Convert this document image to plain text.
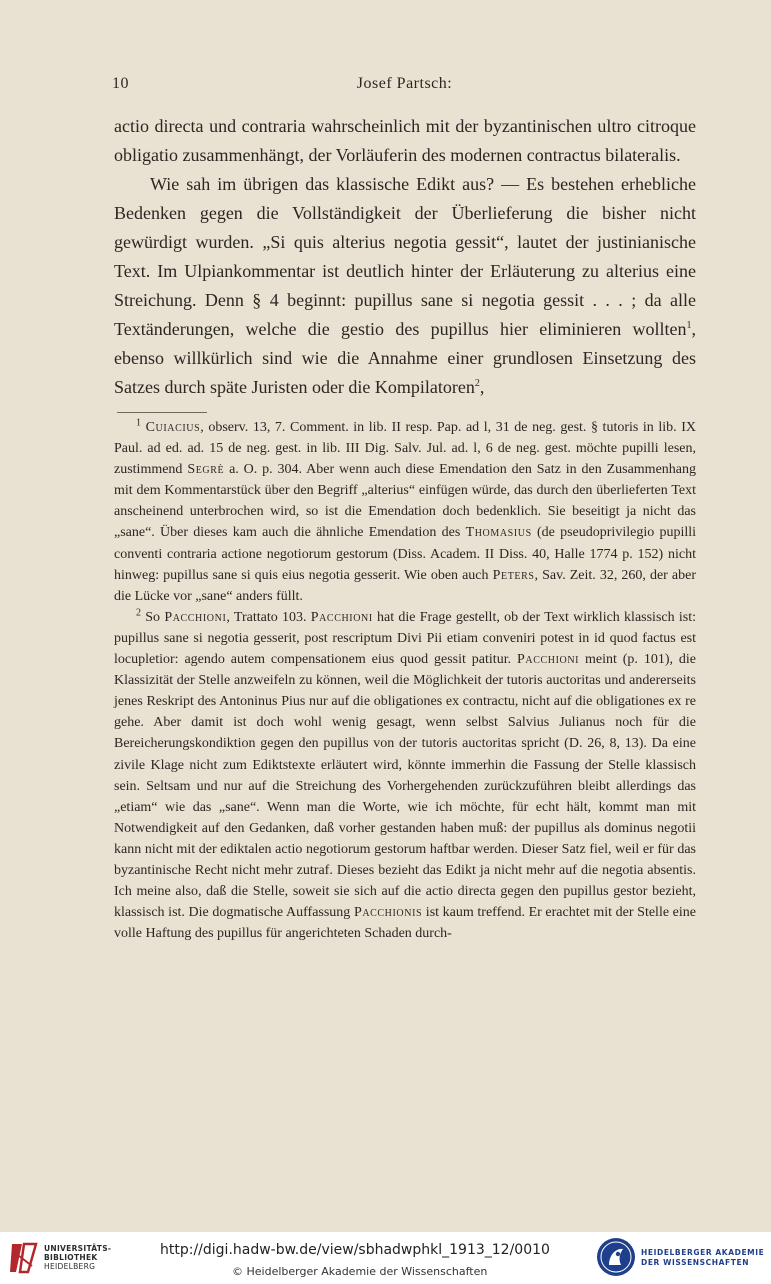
10	Josef Partsch:

actio directa und contraria wahrscheinlich mit der byzantinischen ultro citroque obligatio zusammenhängt, der Vorläuferin des modernen contractus bilateralis.

Wie sah im übrigen das klassische Edikt aus? — Es bestehen erhebliche Bedenken gegen die Vollständigkeit der Überlieferung die bisher nicht gewürdigt wurden. „Si quis alterius negotia gessit“, lautet der justinianische Text. Im Ulpiankommentar ist deutlich hinter der Erläuterung zu alterius eine Streichung. Denn § 4 beginnt: pupillus sane si negotia gessit . . . ; da alle Textänderungen, welche die gestio des pupillus hier eliminieren wollten$^1$, ebenso willkürlich sind wie die Annahme einer grundlosen Einsetzung des Satzes durch späte Juristen oder die Kompilatoren$^2$,

$^1$ Cuiacius, observ. 13, 7. Comment. in lib. II resp. Pap. ad l, 31 de neg. gest. § tutoris in lib. IX Paul. ad ed. ad. 15 de neg. gest. in lib. III Dig. Salv. Jul. ad. l, 6 de neg. gest. möchte pupilli lesen, zustimmend Segrè a. O. p. 304. Aber wenn auch diese Emendation den Satz in den Zusammenhang mit dem Kommentarstück über den Begriff „alterius“ einfügen würde, das durch den überlieferten Text anscheinend unterbrochen wird, so ist die Emendation doch bedenklich. Sie beseitigt ja nicht das „sane“. Über dieses kam auch die ähnliche Emendation des Thomasius (de pseudoprivilegio pupilli conventi contraria actione negotiorum gestorum (Diss. Academ. II Diss. 40, Halle 1774 p. 152) nicht hinweg: pupillus sane si quis eius negotia gesserit. Wie oben auch Peters, Sav. Zeit. 32, 260, der aber die Lücke vor „sane“ anders füllt.

$^2$ So Pacchioni, Trattato 103. Pacchioni hat die Frage gestellt, ob der Text wirklich klassisch ist: pupillus sane si negotia gesserit, post rescriptum Divi Pii etiam conveniri potest in id quod factus est locupletior: agendo autem compensationem eius quod gessit patitur. Pacchioni meint (p. 101), die Klassizität der Stelle anzweifeln zu können, weil die Möglichkeit der tutoris auctoritas und andererseits jenes Reskript des Antoninus Pius nur auf die obligationes ex contractu, nicht auf die obligationes ex re gehe. Aber damit ist doch wohl wenig gesagt, wenn selbst Salvius Julianus noch für die Bereicherungskondiktion gegen den pupillus von der tutoris auctoritas spricht (D. 26, 8, 13). Da eine zivile Klage nicht zum Ediktstexte erläutert wird, könnte immerhin die Fassung der Stelle klassisch sein. Seltsam und nur auf die Streichung des Vorhergehenden zurückzuführen bleibt allerdings das „etiam“ wie das „sane“. Wenn man die Worte, wie ich möchte, für echt hält, kommt man mit Notwendigkeit auf den Gedanken, daß vorher gestanden haben muß: der pupillus als dominus negotii kann nicht mit der ediktalen actio negotiorum gestorum haftbar werden. Dieser Satz fiel, weil er für das byzantinische Recht nicht mehr zutraf. Dieses bezieht das Edikt ja nicht mehr auf die negotia absentis. Ich meine also, daß die Stelle, soweit sie sich auf die actio directa gegen den pupillus gestor bezieht, klassisch ist. Die dogmatische Auffassung Pacchionis ist kaum treffend. Er erachtet mit der Stelle eine volle Haftung des pupillus für angerichteten Schaden durch-

UNIVERSITÄTS-
BIBLIOTHEK
HEIDELBERG
http://digi.hadw-bw.de/view/sbhadwphkl_1913_12/0010
© Heidelberger Akademie der Wissenschaften
HEIDELBERGER AKADEMIE
DER WISSENSCHAFTEN
